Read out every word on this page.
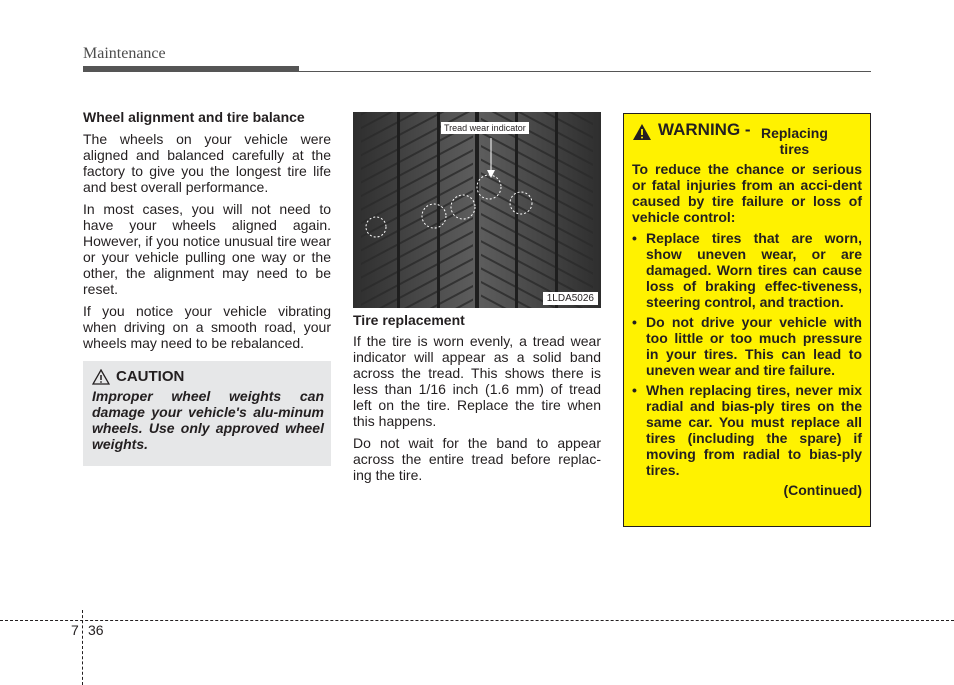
Maintenance
Wheel alignment and tire balance

The wheels on your vehicle were aligned and balanced carefully at the factory to give you the longest tire life and best overall performance.

In most cases, you will not need to have your wheels aligned again. However, if you notice unusual tire wear or your vehicle pulling one way or the other, the alignment may need to be reset.

If you notice your vehicle vibrating when driving on a smooth road, your wheels may need to be rebalanced.

CAUTION
Improper wheel weights can damage your vehicle's alu-minum wheels. Use only approved wheel weights.
Tread wear indicator
1LDA5026
Tire replacement

If the tire is worn evenly, a tread wear indicator will appear as a solid band across the tread. This shows there is less than 1/16 inch (1.6 mm) of tread left on the tire. Replace the tire when this happens.

Do not wait for the band to appear across the entire tread before replac-ing the tire.

WARNING - Replacing tires

To reduce the chance or serious or fatal injuries from an acci-dent caused by tire failure or loss of vehicle control:

• Replace tires that are worn, show uneven wear, or are damaged. Worn tires can cause loss of braking effec-tiveness, steering control, and traction.
• Do not drive your vehicle with too little or too much pressure in your tires. This can lead to uneven wear and tire failure.
• When replacing tires, never mix radial and bias-ply tires on the same car. You must replace all tires (including the spare) if moving from radial to bias-ply tires.
(Continued)
7 36
